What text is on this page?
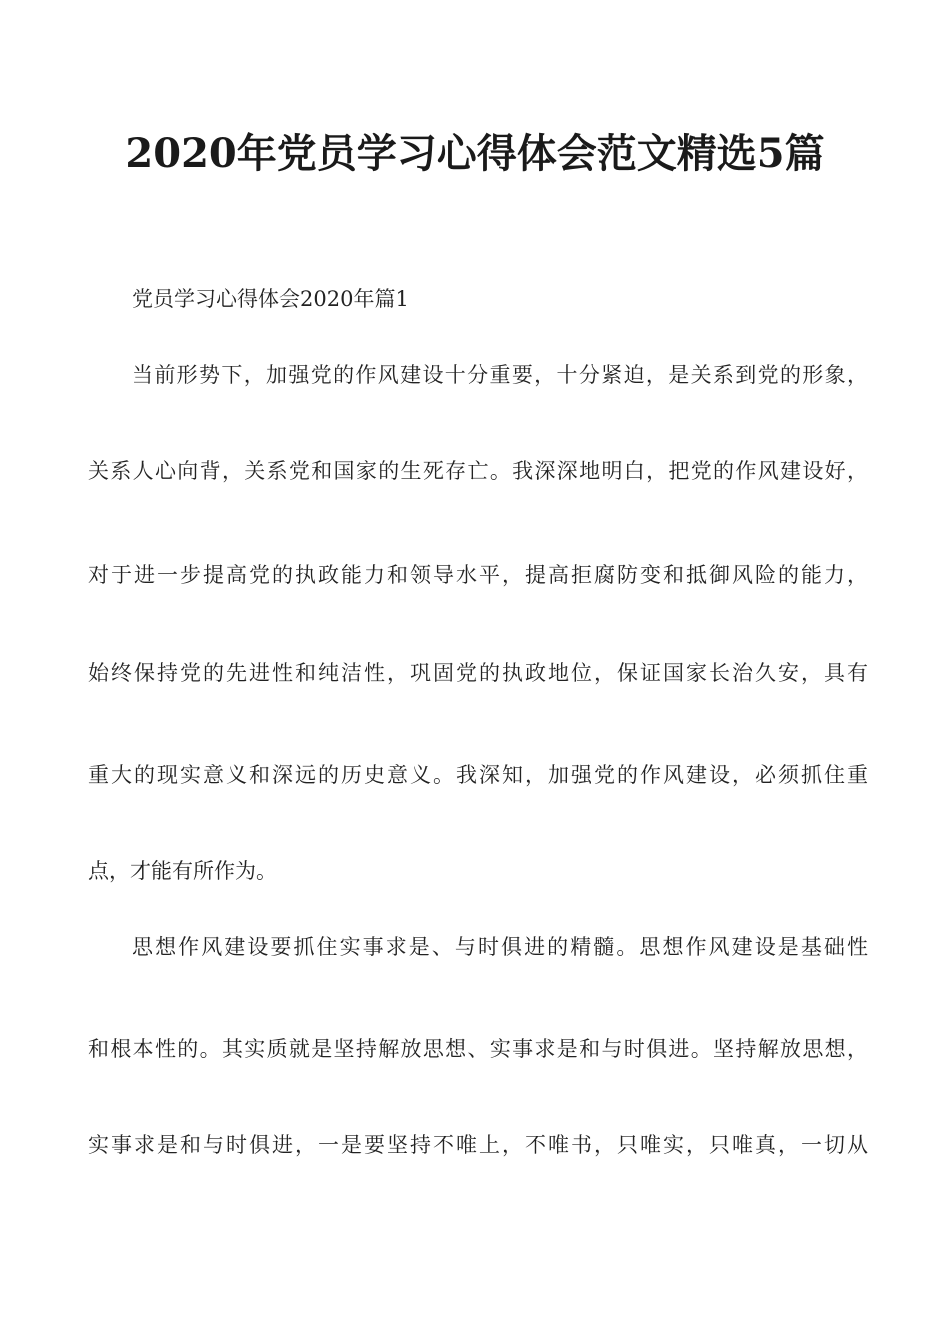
2020年党员学习心得体会范文精选5篇
党员学习心得体会2020年篇1
当前形势下，加强党的作风建设十分重要，十分紧迫，是关系到党的形象，
关系人心向背，关系党和国家的生死存亡。我深深地明白，把党的作风建设好，
对于进一步提高党的执政能力和领导水平，提高拒腐防变和抵御风险的能力，
始终保持党的先进性和纯洁性，巩固党的执政地位，保证国家长治久安，具有
重大的现实意义和深远的历史意义。我深知，加强党的作风建设，必须抓住重
点，才能有所作为。
思想作风建设要抓住实事求是、与时俱进的精髓。思想作风建设是基础性
和根本性的。其实质就是坚持解放思想、实事求是和与时俱进。坚持解放思想，
实事求是和与时俱进，一是要坚持不唯上，不唯书，只唯实，只唯真，一切从
